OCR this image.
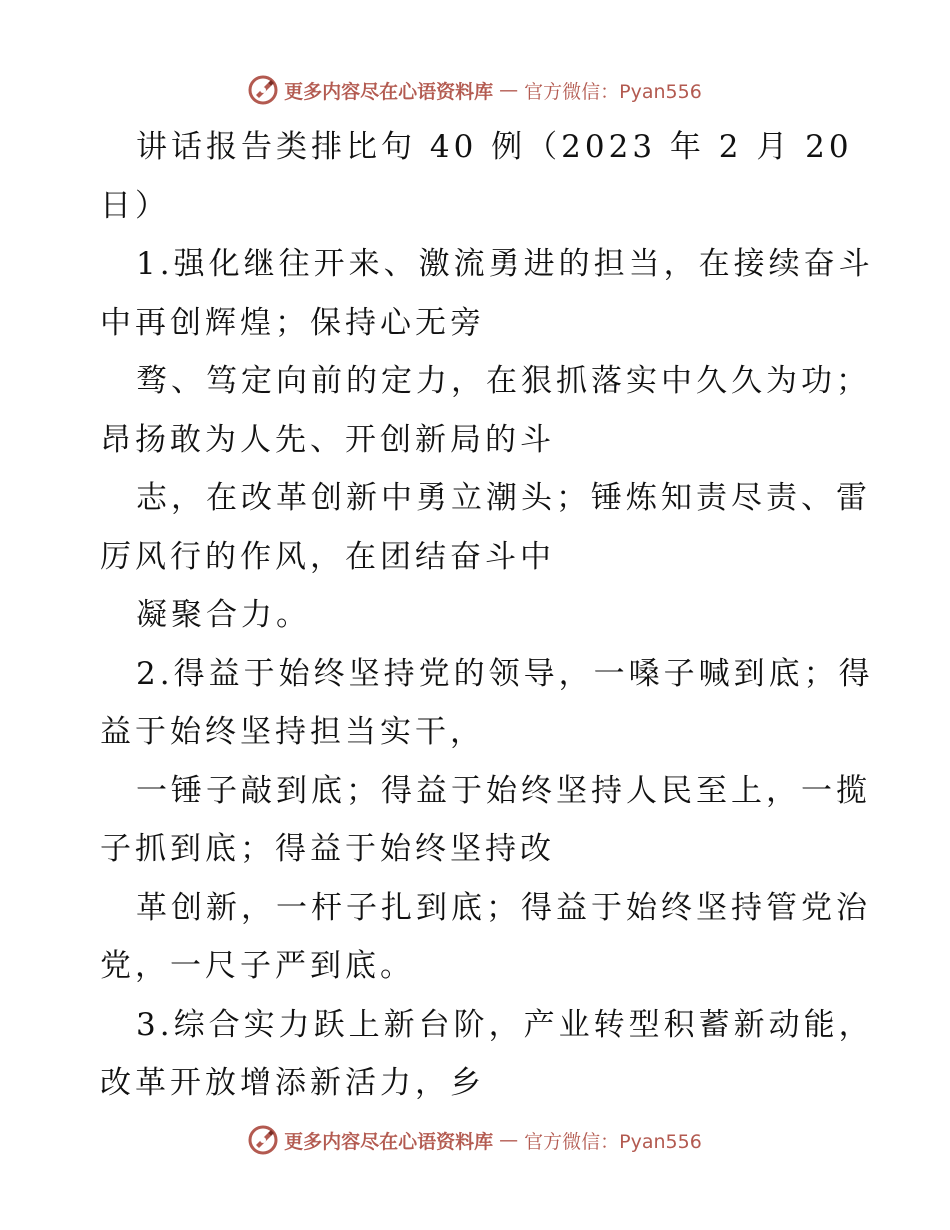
更多内容尽在心语资料库 — 官方微信：Pyan556
讲话报告类排比句 40 例（2023 年 2 月 20
日）
1.强化继往开来、激流勇进的担当，在接续奋斗
中再创辉煌；保持心无旁
骛、笃定向前的定力，在狠抓落实中久久为功；
昂扬敢为人先、开创新局的斗
志，在改革创新中勇立潮头；锤炼知责尽责、雷
厉风行的作风，在团结奋斗中
凝聚合力。
2.得益于始终坚持党的领导，一嗓子喊到底；得
益于始终坚持担当实干，
一锤子敲到底；得益于始终坚持人民至上，一揽
子抓到底；得益于始终坚持改
革创新，一杆子扎到底；得益于始终坚持管党治
党，一尺子严到底。
3.综合实力跃上新台阶，产业转型积蓄新动能，
改革开放增添新活力，乡
更多内容尽在心语资料库 — 官方微信：Pyan556
